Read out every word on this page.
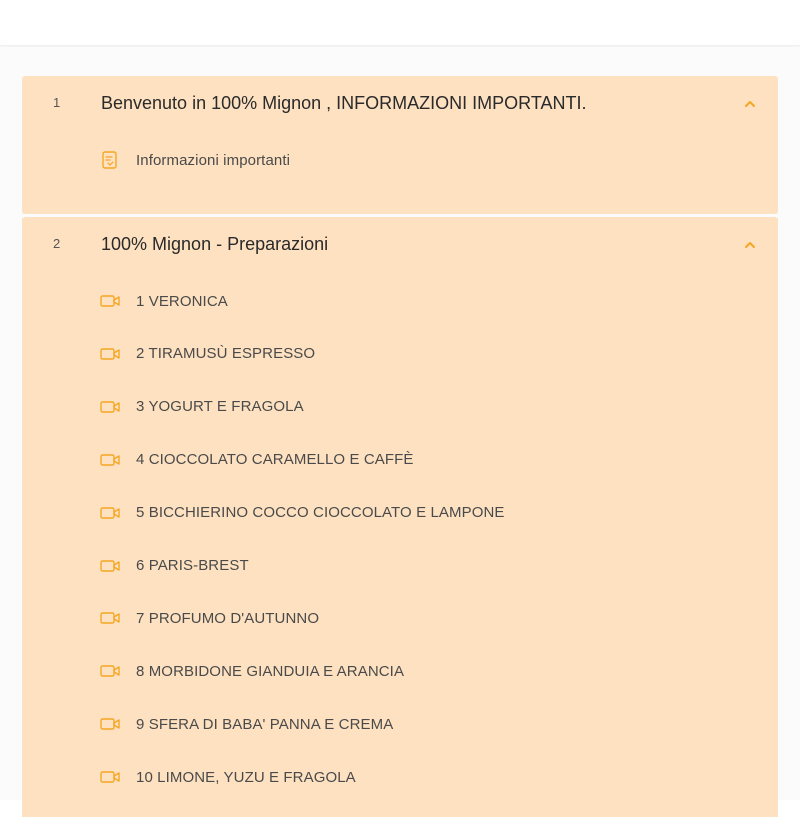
1 Benvenuto in 100% Mignon , INFORMAZIONI IMPORTANTI.
Informazioni importanti
2 100% Mignon - Preparazioni
1 VERONICA
2 TIRAMUSÙ ESPRESSO
3 YOGURT E FRAGOLA
4 CIOCCOLATO CARAMELLO E CAFFÈ
5 BICCHIERINO COCCO CIOCCOLATO E LAMPONE
6 PARIS-BREST
7 PROFUMO D'AUTUNNO
8 MORBIDONE GIANDUIA E ARANCIA
9 SFERA DI BABA' PANNA E CREMA
10 LIMONE, YUZU E FRAGOLA
